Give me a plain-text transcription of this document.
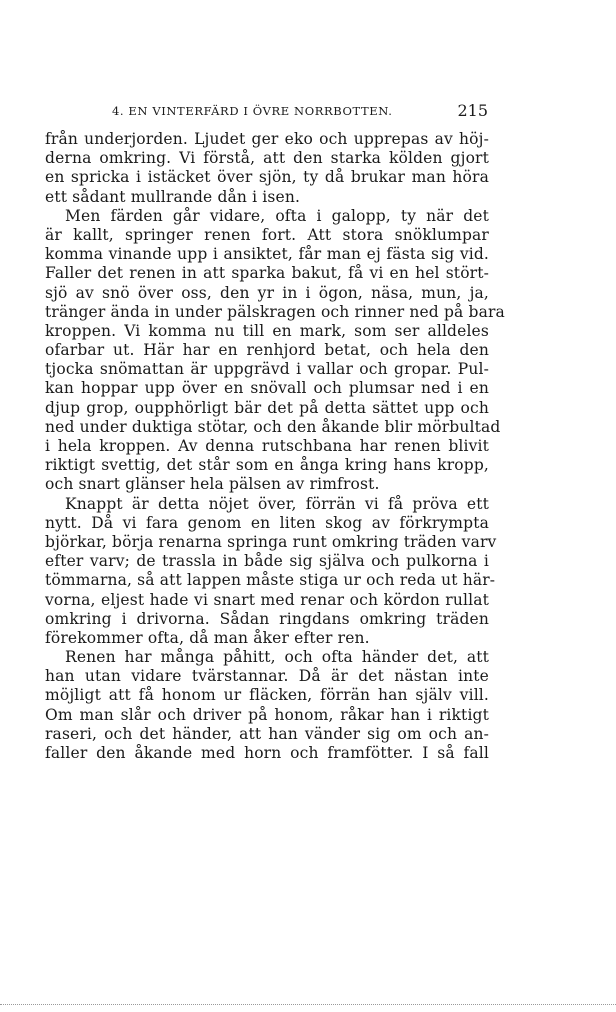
4. EN VINTERFÄRD I ÖVRE NORRBOTTEN.	215
från underjorden. Ljudet ger eko och upprepas av höj-
derna omkring. Vi förstå, att den starka kölden gjort
en spricka i istäcket över sjön, ty då brukar man höra
ett sådant mullrande dån i isen.
Men färden går vidare, ofta i galopp, ty när det
är kallt, springer renen fort. Att stora snöklumpar
komma vinande upp i ansiktet, får man ej fästa sig vid.
Faller det renen in att sparka bakut, få vi en hel stört-
sjö av snö över oss, den yr in i ögon, näsa, mun, ja,
tränger ända in under pälskragen och rinner ned på bara
kroppen. Vi komma nu till en mark, som ser alldeles
ofarbar ut. Här har en renhjord betat, och hela den
tjocka snömattan är uppgrävd i vallar och gropar. Pul-
kan hoppar upp över en snövall och plumsar ned i en
djup grop, oupphörligt bär det på detta sättet upp och
ned under duktiga stötar, och den åkande blir mörbultad
i hela kroppen. Av denna rutschbana har renen blivit
riktigt svettig, det står som en ånga kring hans kropp,
och snart glänser hela pälsen av rimfrost.
Knappt är detta nöjet över, förrän vi få pröva ett
nytt. Då vi fara genom en liten skog av förkrympta
björkar, börja renarna springa runt omkring träden varv
efter varv; de trassla in både sig själva och pulkorna i
tömmarna, så att lappen måste stiga ur och reda ut här-
vorna, eljest hade vi snart med renar och kördon rullat
omkring i drivorna. Sådan ringdans omkring träden
förekommer ofta, då man åker efter ren.
Renen har många påhitt, och ofta händer det, att
han utan vidare tvärstannar. Då är det nästan inte
möjligt att få honom ur fläcken, förrän han själv vill.
Om man slår och driver på honom, råkar han i riktigt
raseri, och det händer, att han vänder sig om och an-
faller den åkande med horn och framfötter. I så fall
